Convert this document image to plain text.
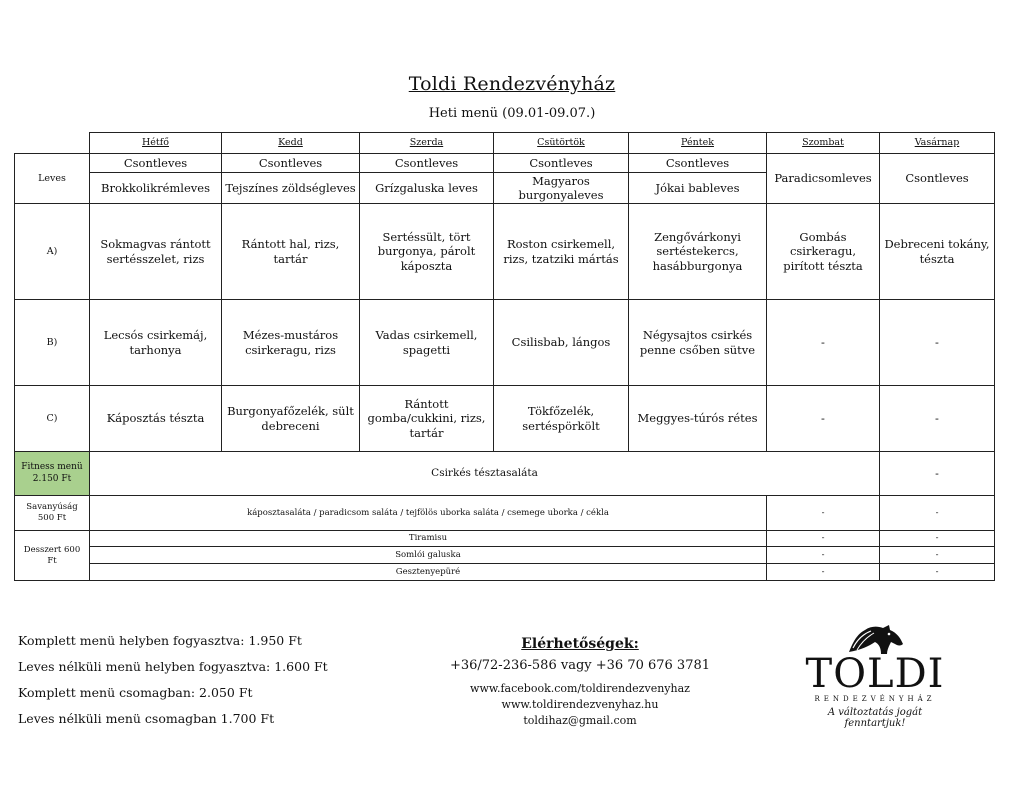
Toldi Rendezvényház
Heti menü (09.01-09.07.)
	Hétfő	Kedd	Szerda	Csütörtök	Péntek	Szombat	Vasárnap
Leves	Csontleves	Csontleves	Csontleves	Csontleves	Csontleves	Paradicsomleves	Csontleves
	Brokkolikrémleves	Tejszínes zöldségleves	Grízgaluska leves	Magyaros burgonyaleves	Jókai bableves		
A)	Sokmagvas rántott sertésszelet, rizs	Rántott hal, rizs, tartár	Sertéssült, tört burgonya, párolt káposzta	Roston csirkemell, rizs, tzatziki mártás	Zengővárkonyi sertéstekercs, hasábburgonya	Gombás csirkeragu, pirított tészta	Debreceni tokány, tészta
B)	Lecsós csirkemáj, tarhonya	Mézes-mustáros csirkeragu, rizs	Vadas csirkemell, spagetti	Csilisbab, lángos	Négysajtos csirkés penne csőben sütve	-	-
C)	Káposztás tészta	Burgonyafőzelék, sült debreceni	Rántott gomba/cukkini, rizs, tartár	Tökfőzelék, sertéspörkölt	Meggyes-túrós rétes	-	-
Fitness menü 2.150 Ft	Csirkés tésztasaláta						-
Savanyúság 500 Ft	káposztasaláta / paradicsom saláta / tejfölös uborka saláta / csemege uborka / cékla					-	-
Desszert 600 Ft	Tiramisu					-	-
	Somlói galuska					-	-
	Gesztenyepüré					-	-
Komplett menü helyben fogyasztva: 1.950 Ft
Leves nélküli menü helyben fogyasztva: 1.600 Ft
Komplett menü csomagban: 2.050 Ft
Leves nélküli menü csomagban 1.700 Ft
Elérhetőségek:
+36/72-236-586 vagy +36 70 676 3781
www.facebook.com/toldirendezvenyhaz
www.toldirendezvenyhaz.hu
toldihaz@gmail.com
TOLDI
RENDEZVÉNYHÁZ
A változtatás jogát fenntartjuk!
